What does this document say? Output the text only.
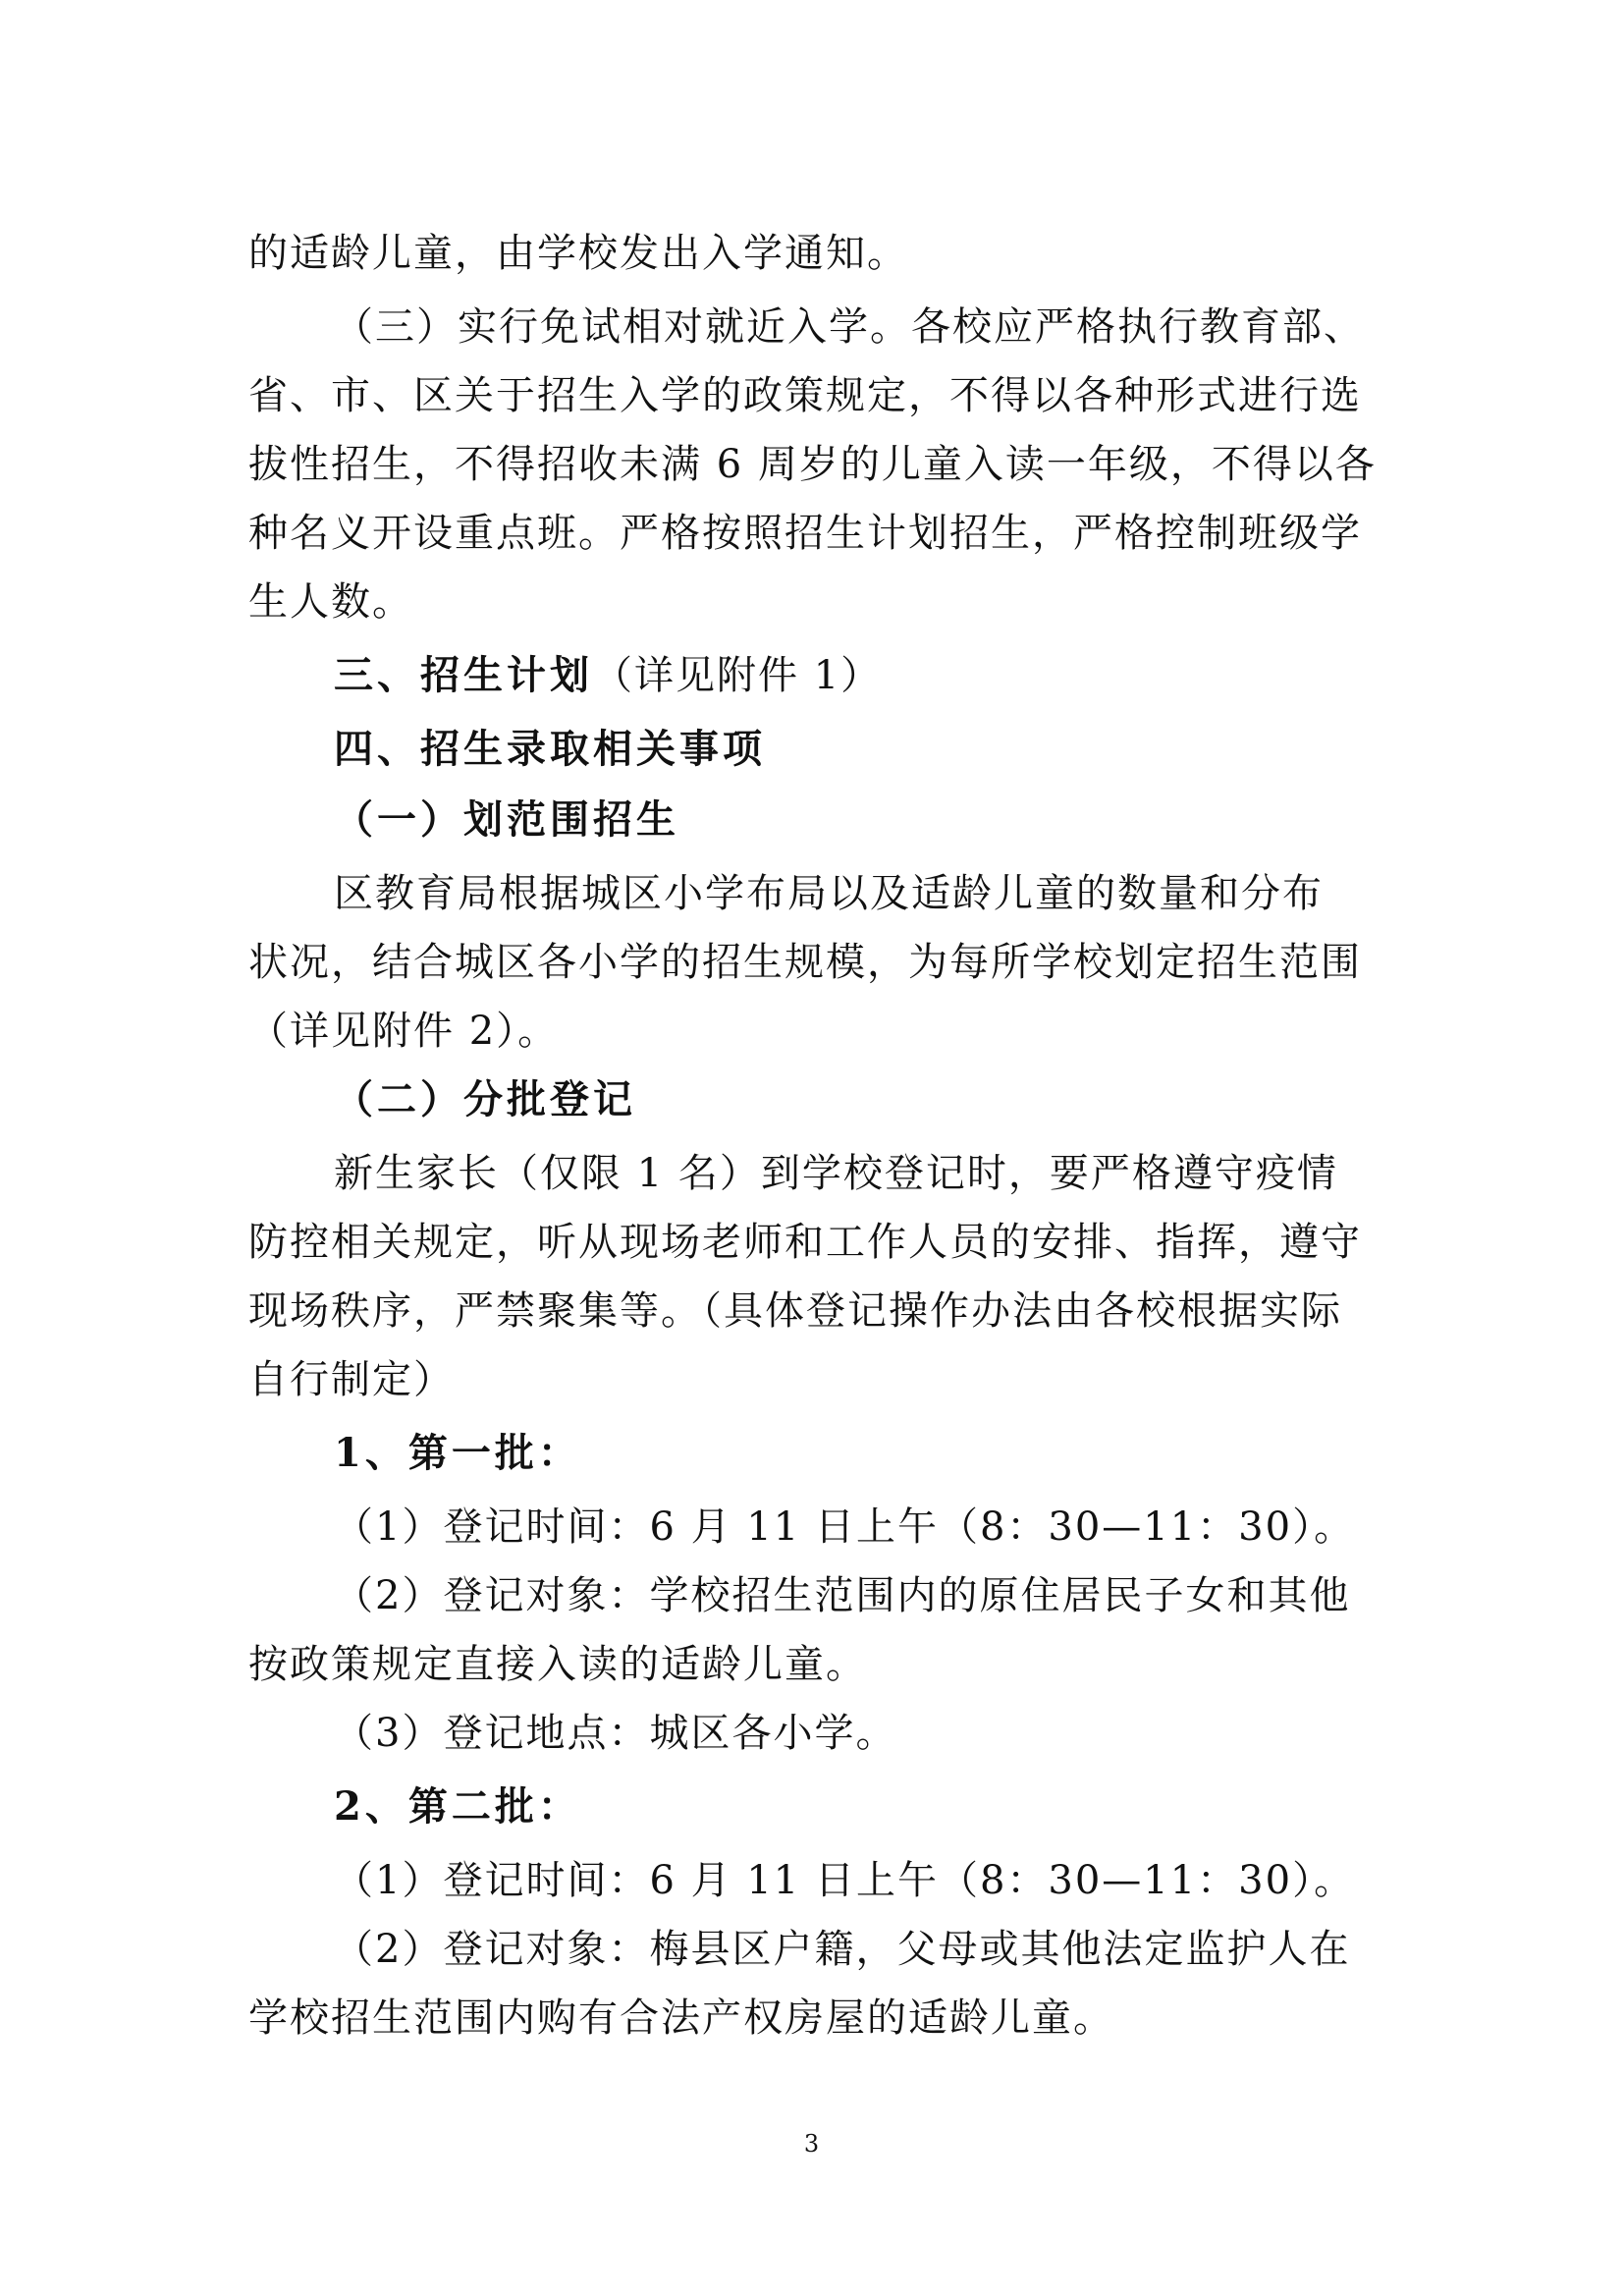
的适龄儿童，由学校发出入学通知。
（三）实行免试相对就近入学。各校应严格执行教育部、
省、市、区关于招生入学的政策规定，不得以各种形式进行选
拔性招生，不得招收未满 6 周岁的儿童入读一年级，不得以各
种名义开设重点班。严格按照招生计划招生，严格控制班级学
生人数。
三、招生计划（详见附件 1）
四、招生录取相关事项
（一）划范围招生
区教育局根据城区小学布局以及适龄儿童的数量和分布
状况，结合城区各小学的招生规模，为每所学校划定招生范围
（详见附件 2）。
（二）分批登记
新生家长（仅限 1 名）到学校登记时，要严格遵守疫情
防控相关规定，听从现场老师和工作人员的安排、指挥，遵守
现场秩序，严禁聚集等。（具体登记操作办法由各校根据实际
自行制定）
1、第一批：
（1）登记时间：6 月 11 日上午（8：30—11：30）。
（2）登记对象：学校招生范围内的原住居民子女和其他
按政策规定直接入读的适龄儿童。
（3）登记地点：城区各小学。
2、第二批：
（1）登记时间：6 月 11 日上午（8：30—11：30）。
（2）登记对象：梅县区户籍，父母或其他法定监护人在
学校招生范围内购有合法产权房屋的适龄儿童。
3
